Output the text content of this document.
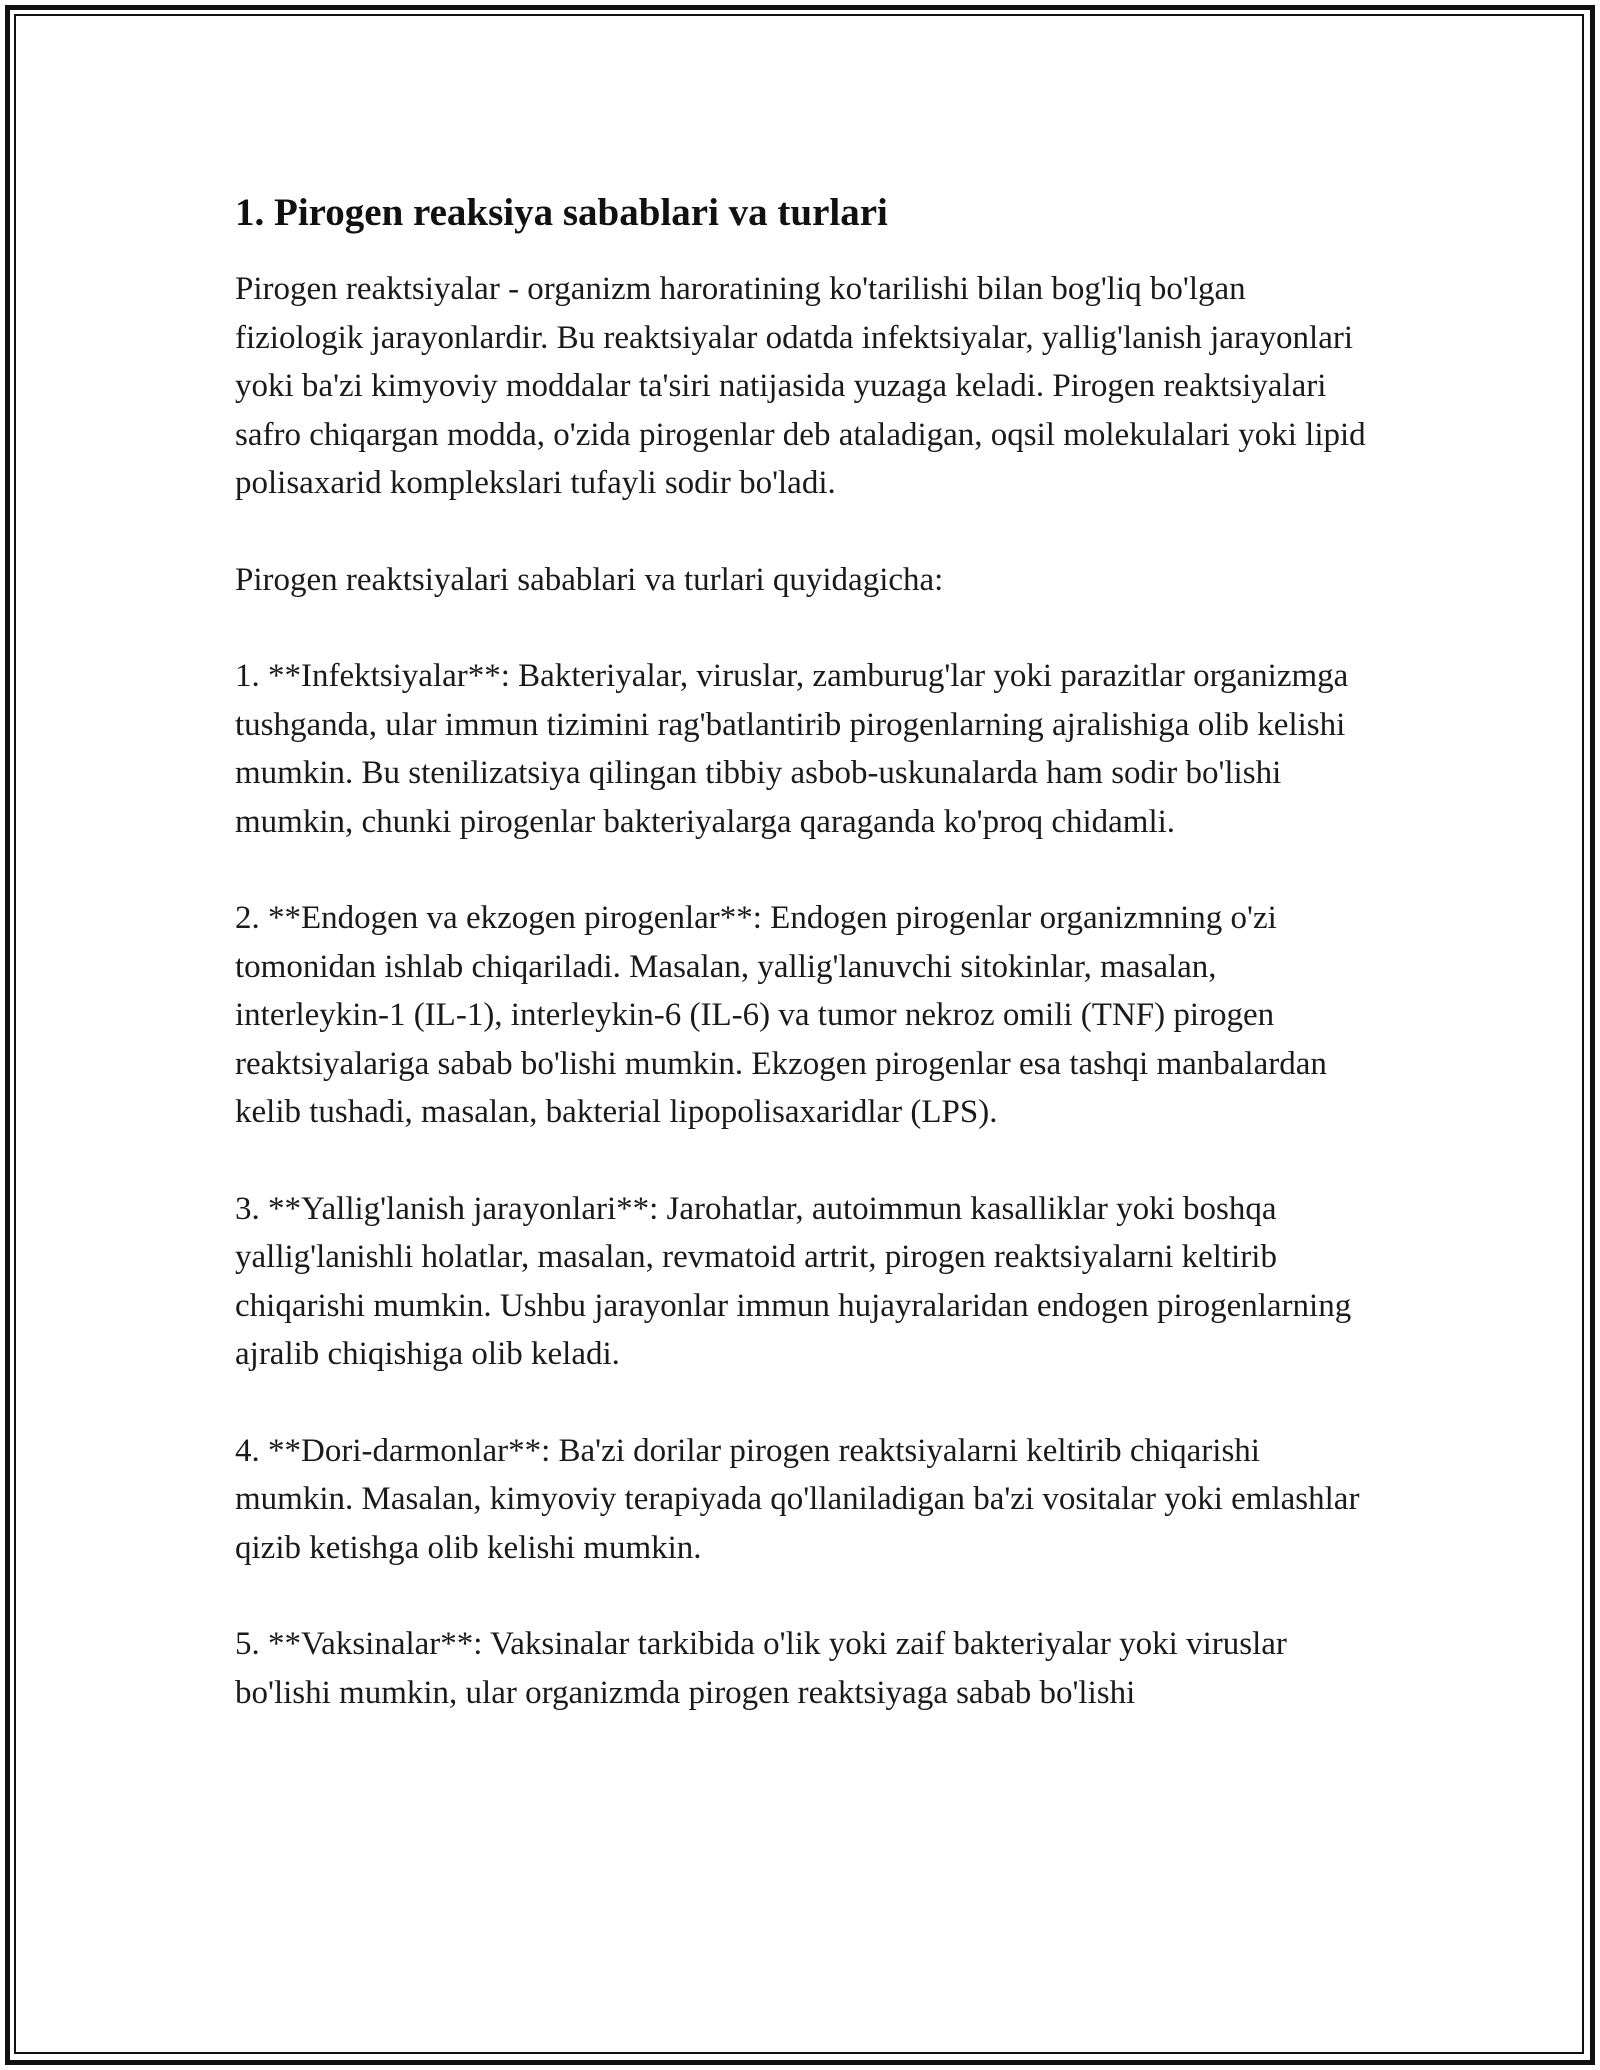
1. Pirogen reaksiya sabablari va turlari

Pirogen reaktsiyalar - organizm haroratining ko'tarilishi bilan bog'liq bo'lgan fiziologik jarayonlardir. Bu reaktsiyalar odatda infektsiyalar, yallig'lanish jarayonlari yoki ba'zi kimyoviy moddalar ta'siri natijasida yuzaga keladi. Pirogen reaktsiyalari safro chiqargan modda, o'zida pirogenlar deb ataladigan, oqsil molekulalari yoki lipid polisaxarid komplekslari tufayli sodir bo'ladi.

Pirogen reaktsiyalari sabablari va turlari quyidagicha:

1. **Infektsiyalar**: Bakteriyalar, viruslar, zamburug'lar yoki parazitlar organizmga tushganda, ular immun tizimini rag'batlantirib pirogenlarning ajralishiga olib kelishi mumkin. Bu stenilizatsiya qilingan tibbiy asbob-uskunalarda ham sodir bo'lishi mumkin, chunki pirogenlar bakteriyalarga qaraganda ko'proq chidamli.

2. **Endogen va ekzogen pirogenlar**: Endogen pirogenlar organizmning o'zi tomonidan ishlab chiqariladi. Masalan, yallig'lanuvchi sitokinlar, masalan, interleykin-1 (IL-1), interleykin-6 (IL-6) va tumor nekroz omili (TNF) pirogen reaktsiyalariga sabab bo'lishi mumkin. Ekzogen pirogenlar esa tashqi manbalardan kelib tushadi, masalan, bakterial lipopolisaxaridlar (LPS).

3. **Yallig'lanish jarayonlari**: Jarohatlar, autoimmun kasalliklar yoki boshqa yallig'lanishli holatlar, masalan, revmatoid artrit, pirogen reaktsiyalarni keltirib chiqarishi mumkin. Ushbu jarayonlar immun hujayralaridan endogen pirogenlarning ajralib chiqishiga olib keladi.

4. **Dori-darmonlar**: Ba'zi dorilar pirogen reaktsiyalarni keltirib chiqarishi mumkin. Masalan, kimyoviy terapiyada qo'llaniladigan ba'zi vositalar yoki emlashlar qizib ketishga olib kelishi mumkin.

5. **Vaksinalar**: Vaksinalar tarkibida o'lik yoki zaif bakteriyalar yoki viruslar bo'lishi mumkin, ular organizmda pirogen reaktsiyaga sabab bo'lishi
